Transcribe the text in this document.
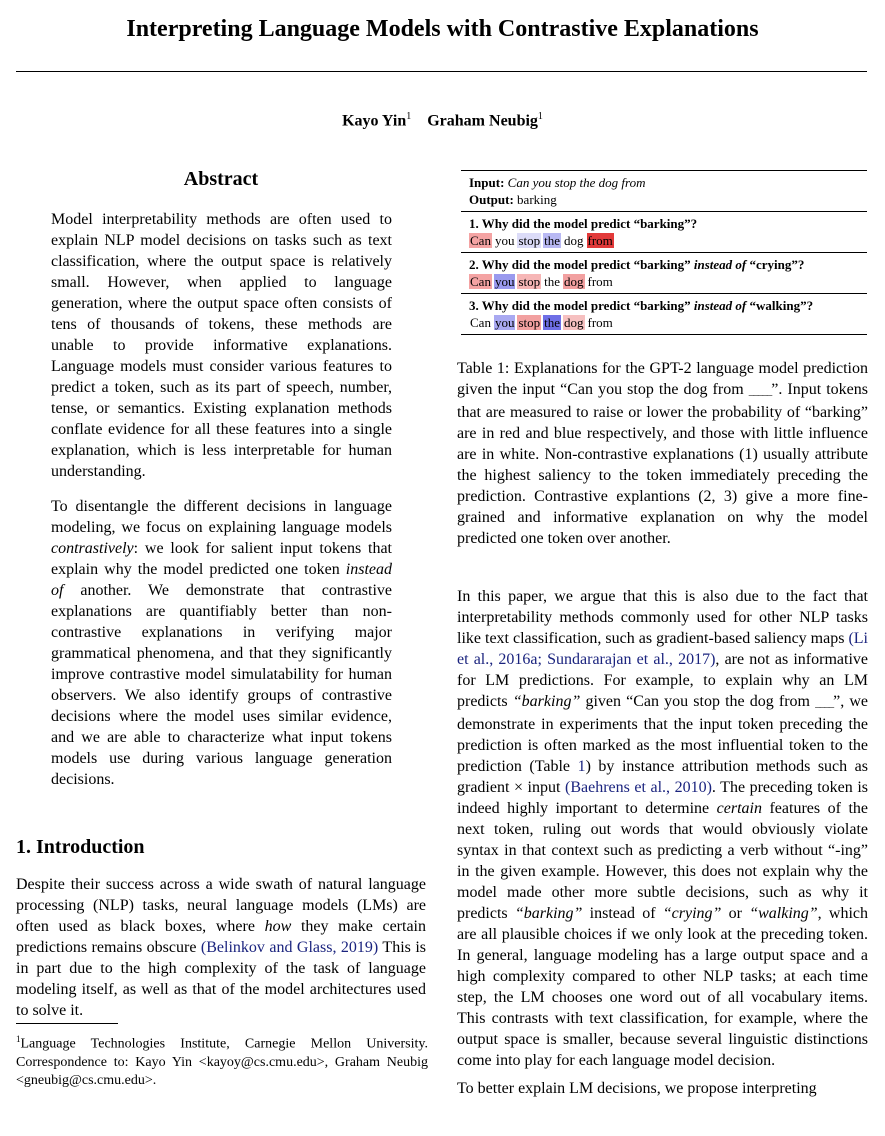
Interpreting Language Models with Contrastive Explanations
Kayo Yin$^1$ Graham Neubig$^1$
Abstract

Model interpretability methods are often used to explain NLP model decisions on tasks such as text classification, where the output space is relatively small. However, when applied to language generation, where the output space often consists of tens of thousands of tokens, these methods are unable to provide informative explanations. Language models must consider various features to predict a token, such as its part of speech, number, tense, or semantics. Existing explanation methods conflate evidence for all these features into a single explanation, which is less interpretable for human understanding.

To disentangle the different decisions in language modeling, we focus on explaining language models contrastively: we look for salient input tokens that explain why the model predicted one token instead of another. We demonstrate that contrastive explanations are quantifiably better than non-contrastive explanations in verifying major grammatical phenomena, and that they significantly improve contrastive model simulatability for human observers. We also identify groups of contrastive decisions where the model uses similar evidence, and we are able to characterize what input tokens models use during various language generation decisions.

1. Introduction

Despite their success across a wide swath of natural language processing (NLP) tasks, neural language models (LMs) are often used as black boxes, where how they make certain predictions remains obscure (Belinkov and Glass, 2019) This is in part due to the high complexity of the task of language modeling itself, as well as that of the model architectures used to solve it.

$^1$Language Technologies Institute, Carnegie Mellon University. Correspondence to: Kayo Yin <kayoy@cs.cmu.edu>, Graham Neubig <gneubig@cs.cmu.edu>.
Input: Can you stop the dog from
Output: barking
1. Why did the model predict “barking”?
Can you stop the dog from
2. Why did the model predict “barking” instead of “crying”?
Can you stop the dog from
3. Why did the model predict “barking” instead of “walking”?
Can you stop the dog from

Table 1: Explanations for the GPT-2 language model prediction given the input “Can you stop the dog from _____”. Input tokens that are measured to raise or lower the probability of “barking” are in red and blue respectively, and those with little influence are in white. Non-contrastive explanations (1) usually attribute the highest saliency to the token immediately preceding the prediction. Contrastive explantions (2, 3) give a more fine-grained and informative explanation on why the model predicted one token over another.

In this paper, we argue that this is also due to the fact that interpretability methods commonly used for other NLP tasks like text classification, such as gradient-based saliency maps (Li et al., 2016a; Sundararajan et al., 2017), are not as informative for LM predictions. For example, to explain why an LM predicts “barking” given “Can you stop the dog from ____”, we demonstrate in experiments that the input token preceding the prediction is often marked as the most influential token to the prediction (Table 1) by instance attribution methods such as gradient × input (Baehrens et al., 2010). The preceding token is indeed highly important to determine certain features of the next token, ruling out words that would obviously violate syntax in that context such as predicting a verb without “-ing” in the given example. However, this does not explain why the model made other more subtle decisions, such as why it predicts “barking” instead of “crying” or “walking”, which are all plausible choices if we only look at the preceding token. In general, language modeling has a large output space and a high complexity compared to other NLP tasks; at each time step, the LM chooses one word out of all vocabulary items. This contrasts with text classification, for example, where the output space is smaller, because several linguistic distinctions come into play for each language model decision.

To better explain LM decisions, we propose interpreting
